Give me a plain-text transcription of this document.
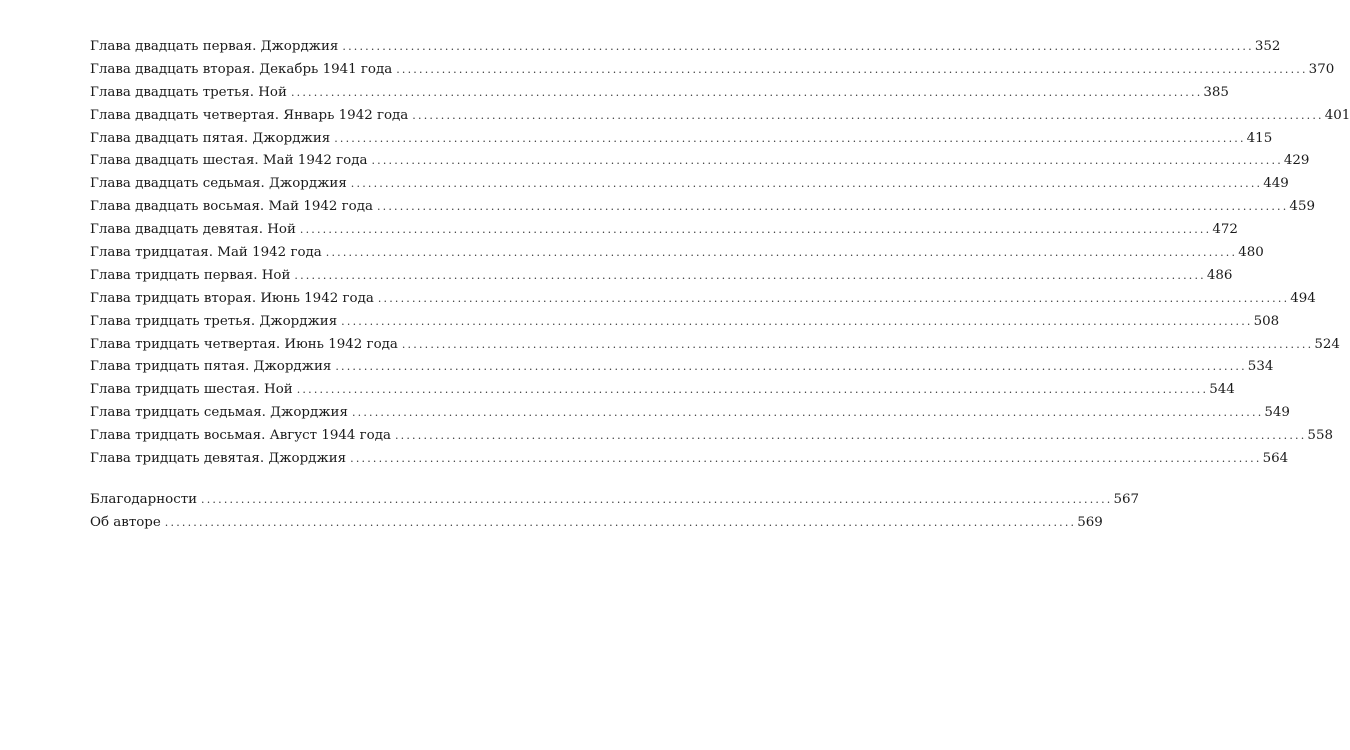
Глава двадцать первая. Джорджия ................................................................................................................................................................ 352
Глава двадцать вторая. Декабрь 1941 года ................................................................................................................................................................ 370
Глава двадцать третья. Ной ................................................................................................................................................................ 385
Глава двадцать четвертая. Январь 1942 года ................................................................................................................................................................ 401
Глава двадцать пятая. Джорджия ................................................................................................................................................................ 415
Глава двадцать шестая. Май 1942 года ................................................................................................................................................................ 429
Глава двадцать седьмая. Джорджия ................................................................................................................................................................ 449
Глава двадцать восьмая. Май 1942 года ................................................................................................................................................................ 459
Глава двадцать девятая. Ной ................................................................................................................................................................ 472
Глава тридцатая. Май 1942 года ................................................................................................................................................................ 480
Глава тридцать первая. Ной ................................................................................................................................................................ 486
Глава тридцать вторая. Июнь 1942 года ................................................................................................................................................................ 494
Глава тридцать третья. Джорджия ................................................................................................................................................................ 508
Глава тридцать четвертая. Июнь 1942 года ................................................................................................................................................................ 524
Глава тридцать пятая. Джорджия ................................................................................................................................................................ 534
Глава тридцать шестая. Ной ................................................................................................................................................................ 544
Глава тридцать седьмая. Джорджия ................................................................................................................................................................ 549
Глава тридцать восьмая. Август 1944 года ................................................................................................................................................................ 558
Глава тридцать девятая. Джорджия ................................................................................................................................................................ 564
Благодарности ................................................................................................................................................................ 567
Об авторе ................................................................................................................................................................ 569
